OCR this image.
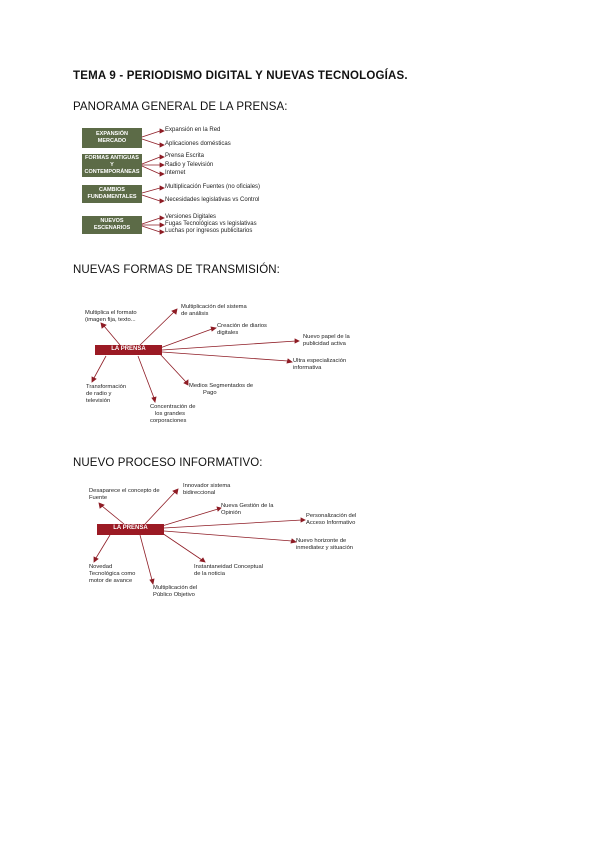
TEMA 9 - PERIODISMO DIGITAL Y NUEVAS TECNOLOGÍAS.
PANORAMA GENERAL DE LA PRENSA:
NUEVAS FORMAS DE TRANSMISIÓN:
NUEVO PROCESO INFORMATIVO:
EXPANSIÓN
MERCADO
Expansión en la Red
Aplicaciones domésticas
FORMAS ANTIGUAS
Y
CONTEMPORÁNEAS
Prensa Escrita
Radio y Televisión
Internet
CAMBIOS
FUNDAMENTALES
Multiplicación Fuentes (no oficiales)
Necesidades legislativas vs Control
NUEVOS
ESCENARIOS
Versiones Digitales
Fugas Tecnológicas vs legislativas
Luchas por ingresos publicitarios
LA PRENSA
Multiplica el formato
(imagen fija, texto...
Multiplicación del sistema
de análisis
Creación de diarios
digitales
Nuevo papel de la
publicidad activa
Ultra especialización
informativa
Medios Segmentados de
Pago
Concentración de
los grandes
corporaciones
Transformación
de radio y
televisión
LA PRENSA
Desaparece el concepto de
Fuente
Innovador sistema
bidireccional
Nueva Gestión de la
Opinión	Personalización del
Acceso Informativo
Nuevo horizonte de
inmediatez y situación
Instantaneidad Conceptual
de la noticia
Multiplicación del
Público Objetivo
Novedad
Tecnológica como
motor de avance
